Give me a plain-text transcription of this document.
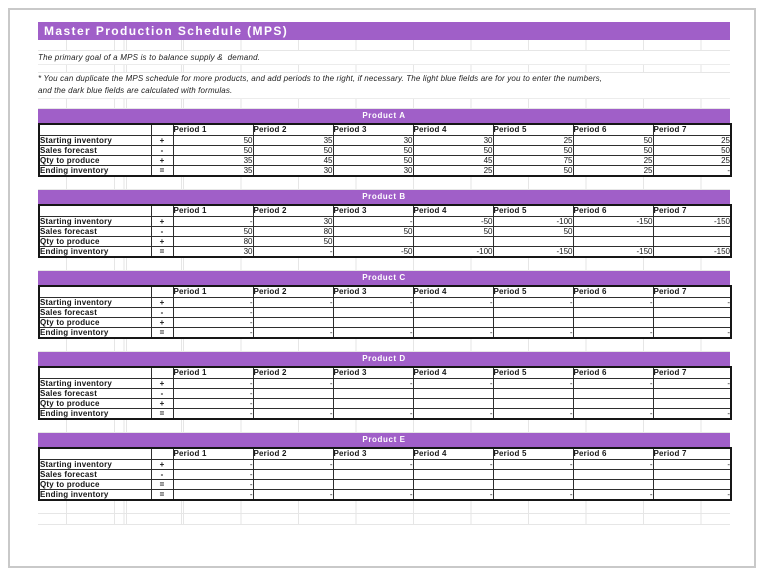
Master Production Schedule (MPS)
The primary goal of a MPS is to balance supply &  demand.
* You can duplicate the MPS schedule for more products, and add periods to the right, if necessary. The light blue fields are for you to enter the numbers,
and the dark blue fields are calculated with formulas.
Product A
		Period 1	Period 2	Period 3	Period 4	Period 5	Period 6	Period 7
Starting inventory	+	50	35	30	30	25	50	25
Sales forecast	-	50	50	50	50	50	50	50
Qty to produce	+	35	45	50	45	75	25	25
Ending inventory	=	35	30	30	25	50	25	-
Product B
		Period 1	Period 2	Period 3	Period 4	Period 5	Period 6	Period 7
Starting inventory	+	-	30	-	-50	-100	-150	-150
Sales forecast	-	50	80	50	50	50		
Qty to produce	+	80	50					
Ending inventory	=	30	-	-50	-100	-150	-150	-150
Product C
		Period 1	Period 2	Period 3	Period 4	Period 5	Period 6	Period 7
Starting inventory	+	-	-	-	-	-	-	-
Sales forecast	-	-						
Qty to produce	+	-						
Ending inventory	=	-	-	-	-	-	-	-
Product D
		Period 1	Period 2	Period 3	Period 4	Period 5	Period 6	Period 7
Starting inventory	+	-	-	-	-	-	-	-
Sales forecast	-	-						
Qty to produce	+	-						
Ending inventory	=	-	-	-	-	-	-	-
Product E
		Period 1	Period 2	Period 3	Period 4	Period 5	Period 6	Period 7
Starting inventory	+	-	-	-	-	-	-	-
Sales forecast	-	-						
Qty to produce	=	-						
Ending inventory	=	-	-	-	-	-	-	-
